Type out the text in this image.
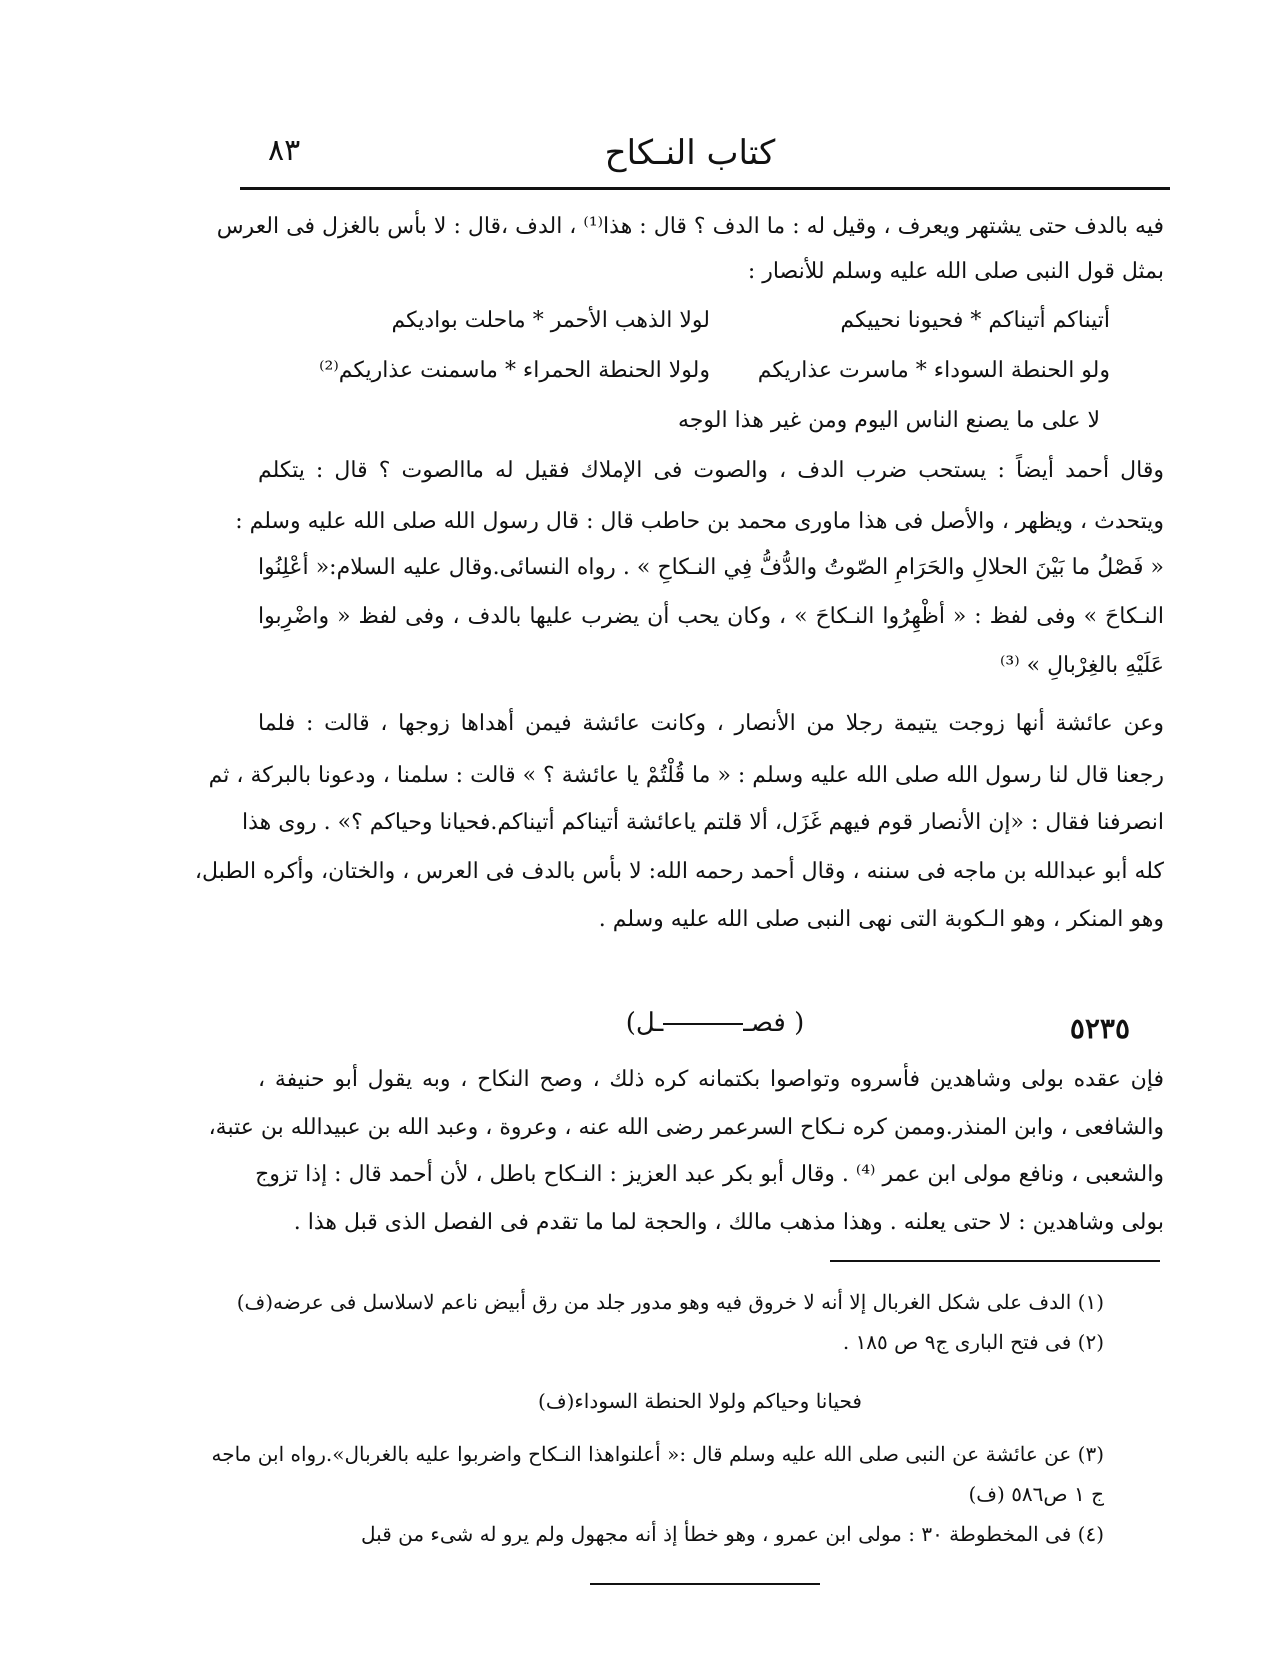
كتاب النـكاح
٨٣
فيه بالدف حتى يشتهر ويعرف ، وقيل له : ما الدف ؟ قال : هذا⁽¹⁾ ، الدف ،قال : لا بأس بالغزل فى العرس
بمثل قول النبى صلى الله عليه وسلم للأنصار :
أتيناكم أتيناكم * فحيونا نحييكم
لولا الذهب الأحمر * ماحلت بواديكم
ولو الحنطة السوداء * ماسرت عذاريكم
ولولا الحنطة الحمراء * ماسمنت عذاريكم⁽²⁾
لا على ما يصنع الناس اليوم ومن غير هذا الوجه
وقال أحمد أيضاً : يستحب ضرب الدف ، والصوت فى الإملاك فقيل له ماالصوت ؟ قال : يتكلم
ويتحدث ، ويظهر ، والأصل فى هذا ماورى محمد بن حاطب قال : قال رسول الله صلى الله عليه وسلم :
« فَصْلُ ما بَيْنَ الحلالِ والحَرَامِ الصّوتُ والدُّفُّ فِي النـكاحِ » . رواه النسائى.وقال عليه السلام:« أعْلِنُوا
النـكاحَ » وفى لفظ : « أظْهِرُوا النـكاحَ » ، وكان يحب أن يضرب عليها بالدف ، وفى لفظ « واضْرِبوا
عَلَيْهِ بالغِرْبالِ » ⁽³⁾
وعن عائشة أنها زوجت يتيمة رجلا من الأنصار ، وكانت عائشة فيمن أهداها زوجها ، قالت : فلما
رجعنا قال لنا رسول الله صلى الله عليه وسلم : « ما قُلْتُمْ يا عائشة ؟ » قالت : سلمنا ، ودعونا بالبركة ، ثم
انصرفنا فقال : «إن الأنصار قوم فيهم غَزَل، ألا قلتم ياعائشة أتيناكم أتيناكم.فحيانا وحياكم ؟» . روى هذا
كله أبو عبدالله بن ماجه فى سننه ، وقال أحمد رحمه الله: لا بأس بالدف فى العرس ، والختان، وأكره الطبل،
وهو المنكر ، وهو الـكوبة التى نهى النبى صلى الله عليه وسلم .
٥٢٣٥
( فصــل)
فإن عقده بولى وشاهدين فأسروه وتواصوا بكتمانه كره ذلك ، وصح النكاح ، وبه يقول أبو حنيفة ،
والشافعى ، وابن المنذر.وممن كره نـكاح السرعمر رضى الله عنه ، وعروة ، وعبد الله بن عبيدالله بن عتبة،
والشعبى ، ونافع مولى ابن عمر ⁽⁴⁾ . وقال أبو بكر عبد العزيز : النـكاح باطل ، لأن أحمد قال : إذا تزوج
بولى وشاهدين : لا حتى يعلنه . وهذا مذهب مالك ، والحجة لما ما تقدم فى الفصل الذى قبل هذا .
(١) الدف على شكل الغربال إلا أنه لا خروق فيه وهو مدور جلد من رق أبيض ناعم لاسلاسل فى عرضه(ف)
(٢) فى فتح البارى ج٩ ص ١٨٥ .
فحيانا وحياكم ولولا الحنطة السوداء(ف)
(٣) عن عائشة عن النبى صلى الله عليه وسلم قال :« أعلنواهذا النـكاح واضربوا عليه بالغربال».رواه ابن ماجه
ج ١ ص٥٨٦ (ف)
(٤) فى المخطوطة ٣٠ : مولى ابن عمرو ، وهو خطأ إذ أنه مجهول ولم يرو له شىء من قبل
